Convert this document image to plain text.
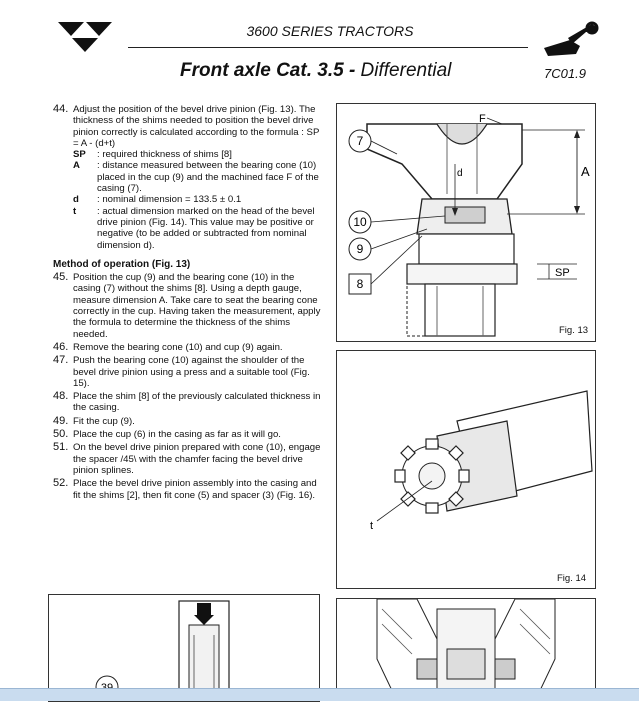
3600 SERIES TRACTORS
Front axle Cat. 3.5 - Differential	7C01.9
44. Adjust the position of the bevel drive pinion (Fig. 13). The thickness of the shims needed to position the bevel drive pinion correctly is calculated according to the formula : SP = A - (d+t)
SP : required thickness of shims [8]
A : distance measured between the bearing cone (10) placed in the cup (9) and the machined face F of the casing (7).
d : nominal dimension = 133.5 ± 0.1
t : actual dimension marked on the head of the bevel drive pinion (Fig. 14). This value may be positive or negative (to be added or subtracted from nominal dimension d).
Method of operation (Fig. 13)
45. Position the cup (9) and the bearing cone (10) in the casing (7) without the shims [8]. Using a depth gauge, measure dimension A. Take care to seat the bearing cone correctly in the cup. Having taken the measurement, apply the formula to determine the thickness of the shims needed.
46. Remove the bearing cone (10) and cup (9) again.
47. Push the bearing cone (10) against the shoulder of the bevel drive pinion using a press and a suitable tool (Fig. 15).
48. Place the shim [8] of the previously calculated thickness in the casing.
49. Fit the cup (9).
50. Place the cup (6) in the casing as far as it will go.
51. On the bevel drive pinion prepared with cone (10), engage the spacer /45\ with the chamfer facing the bevel drive pinion splines.
52. Place the bevel drive pinion assembly into the casing and fit the shims [2], then fit cone (5) and spacer (3) (Fig. 16).
7
10
9
8
F
A
d
SP
Fig. 13
t
Fig. 14
